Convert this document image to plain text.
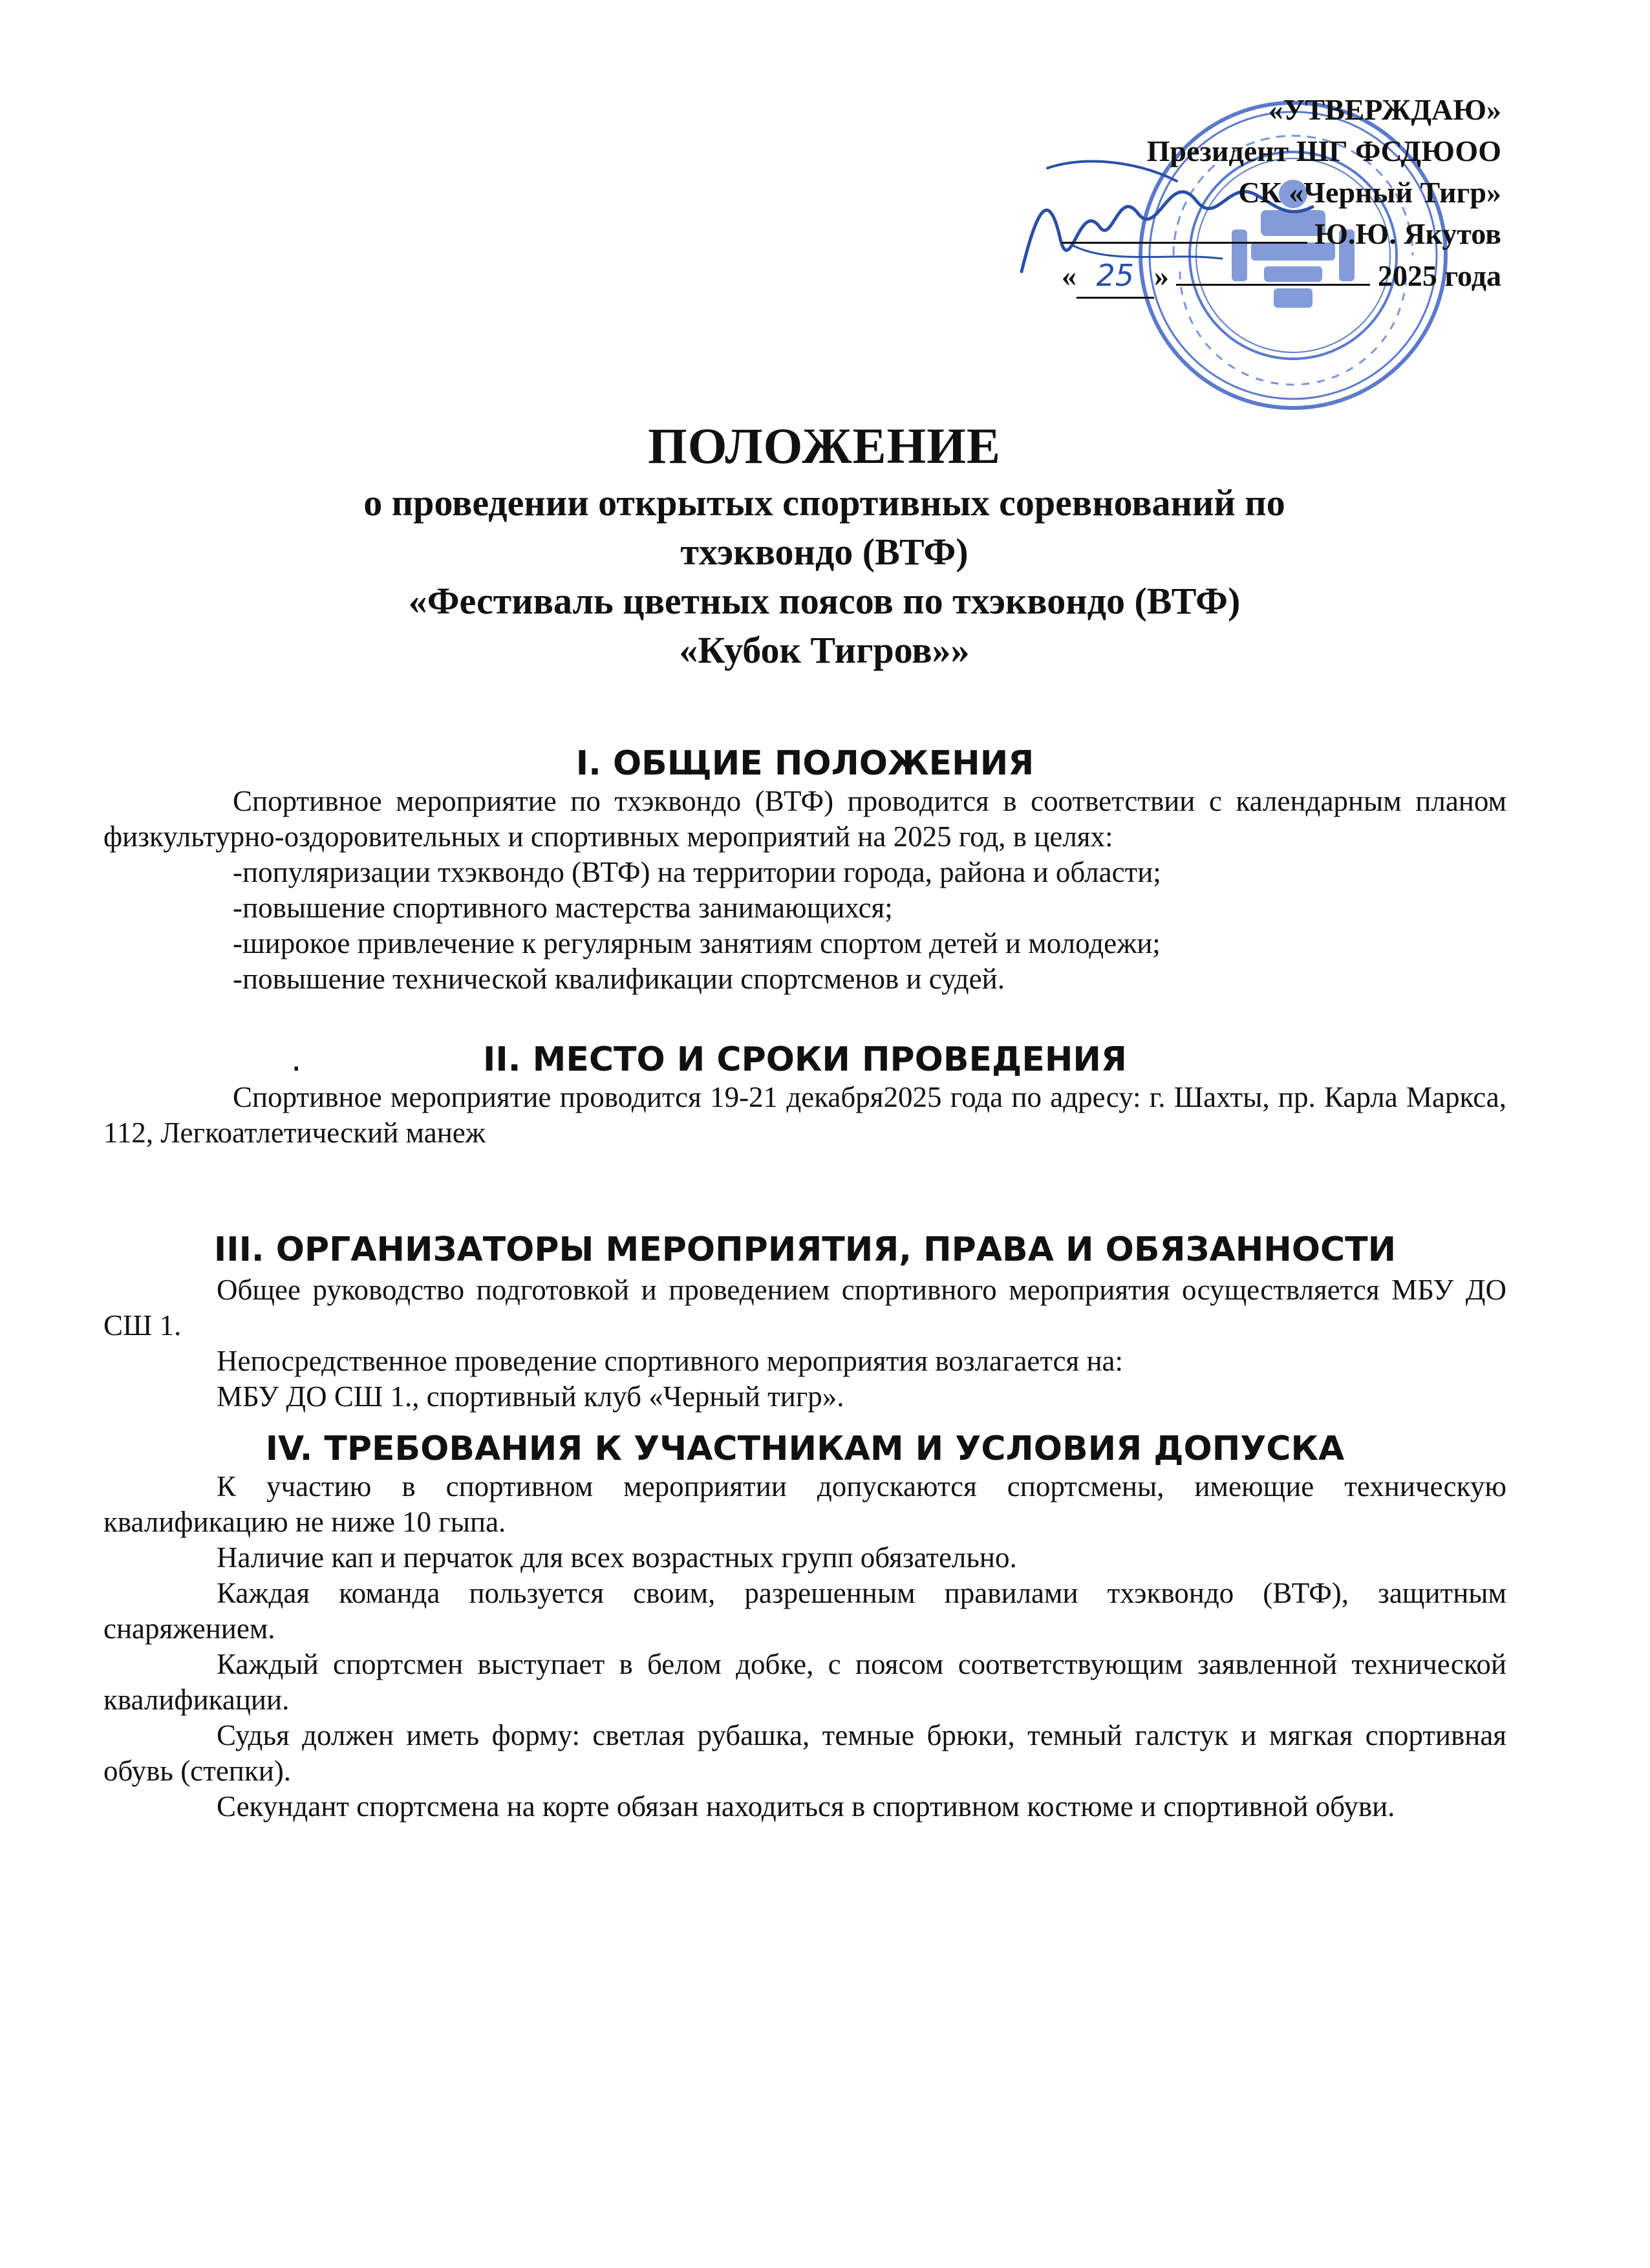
«УТВЕРЖДАЮ»
Президент ШГ ФСДЮОО
СК «Черный Тигр»
Ю.Ю. Якутов
« 25 »	2025 года
ПОЛОЖЕНИЕ
о проведении открытых спортивных соревнований по
тхэквондо (ВТФ)
«Фестиваль цветных поясов по тхэквондо (ВТФ)
«Кубок Тигров»»
I. ОБЩИЕ ПОЛОЖЕНИЯ

Спортивное мероприятие по тхэквондо (ВТФ) проводится в соответствии с календарным планом физкультурно-оздоровительных и спортивных мероприятий на 2025 год, в целях:

-популяризации тхэквондо (ВТФ) на территории города, района и области;
-повышение спортивного мастерства занимающихся;
-широкое привлечение к регулярным занятиям спортом детей и молодежи;
-повышение технической квалификации спортсменов и судей.
.	II. МЕСТО И СРОКИ ПРОВЕДЕНИЯ

Спортивное мероприятие проводится 19-21 декабря2025 года по адресу: г. Шахты, пр. Карла Маркса, 112, Легкоатлетический манеж

III. ОРГАНИЗАТОРЫ МЕРОПРИЯТИЯ, ПРАВА И ОБЯЗАННОСТИ

Общее руководство подготовкой и проведением спортивного мероприятия осуществляется МБУ ДО СШ 1.

Непосредственное проведение спортивного мероприятия возлагается на:

МБУ ДО СШ 1., спортивный клуб «Черный тигр».

IV. ТРЕБОВАНИЯ К УЧАСТНИКАМ И УСЛОВИЯ ДОПУСКА

К участию в спортивном мероприятии допускаются спортсмены, имеющие техническую квалификацию не ниже 10 гыпа.

Наличие кап и перчаток для всех возрастных групп обязательно.

Каждая команда пользуется своим, разрешенным правилами тхэквондо (ВТФ), защитным снаряжением.

Каждый спортсмен выступает в белом добке, с поясом соответствующим заявленной технической квалификации.

Судья должен иметь форму: светлая рубашка, темные брюки, темный галстук и мягкая спортивная обувь (степки).

Секундант спортсмена на корте обязан находиться в спортивном костюме и спортивной обуви.
